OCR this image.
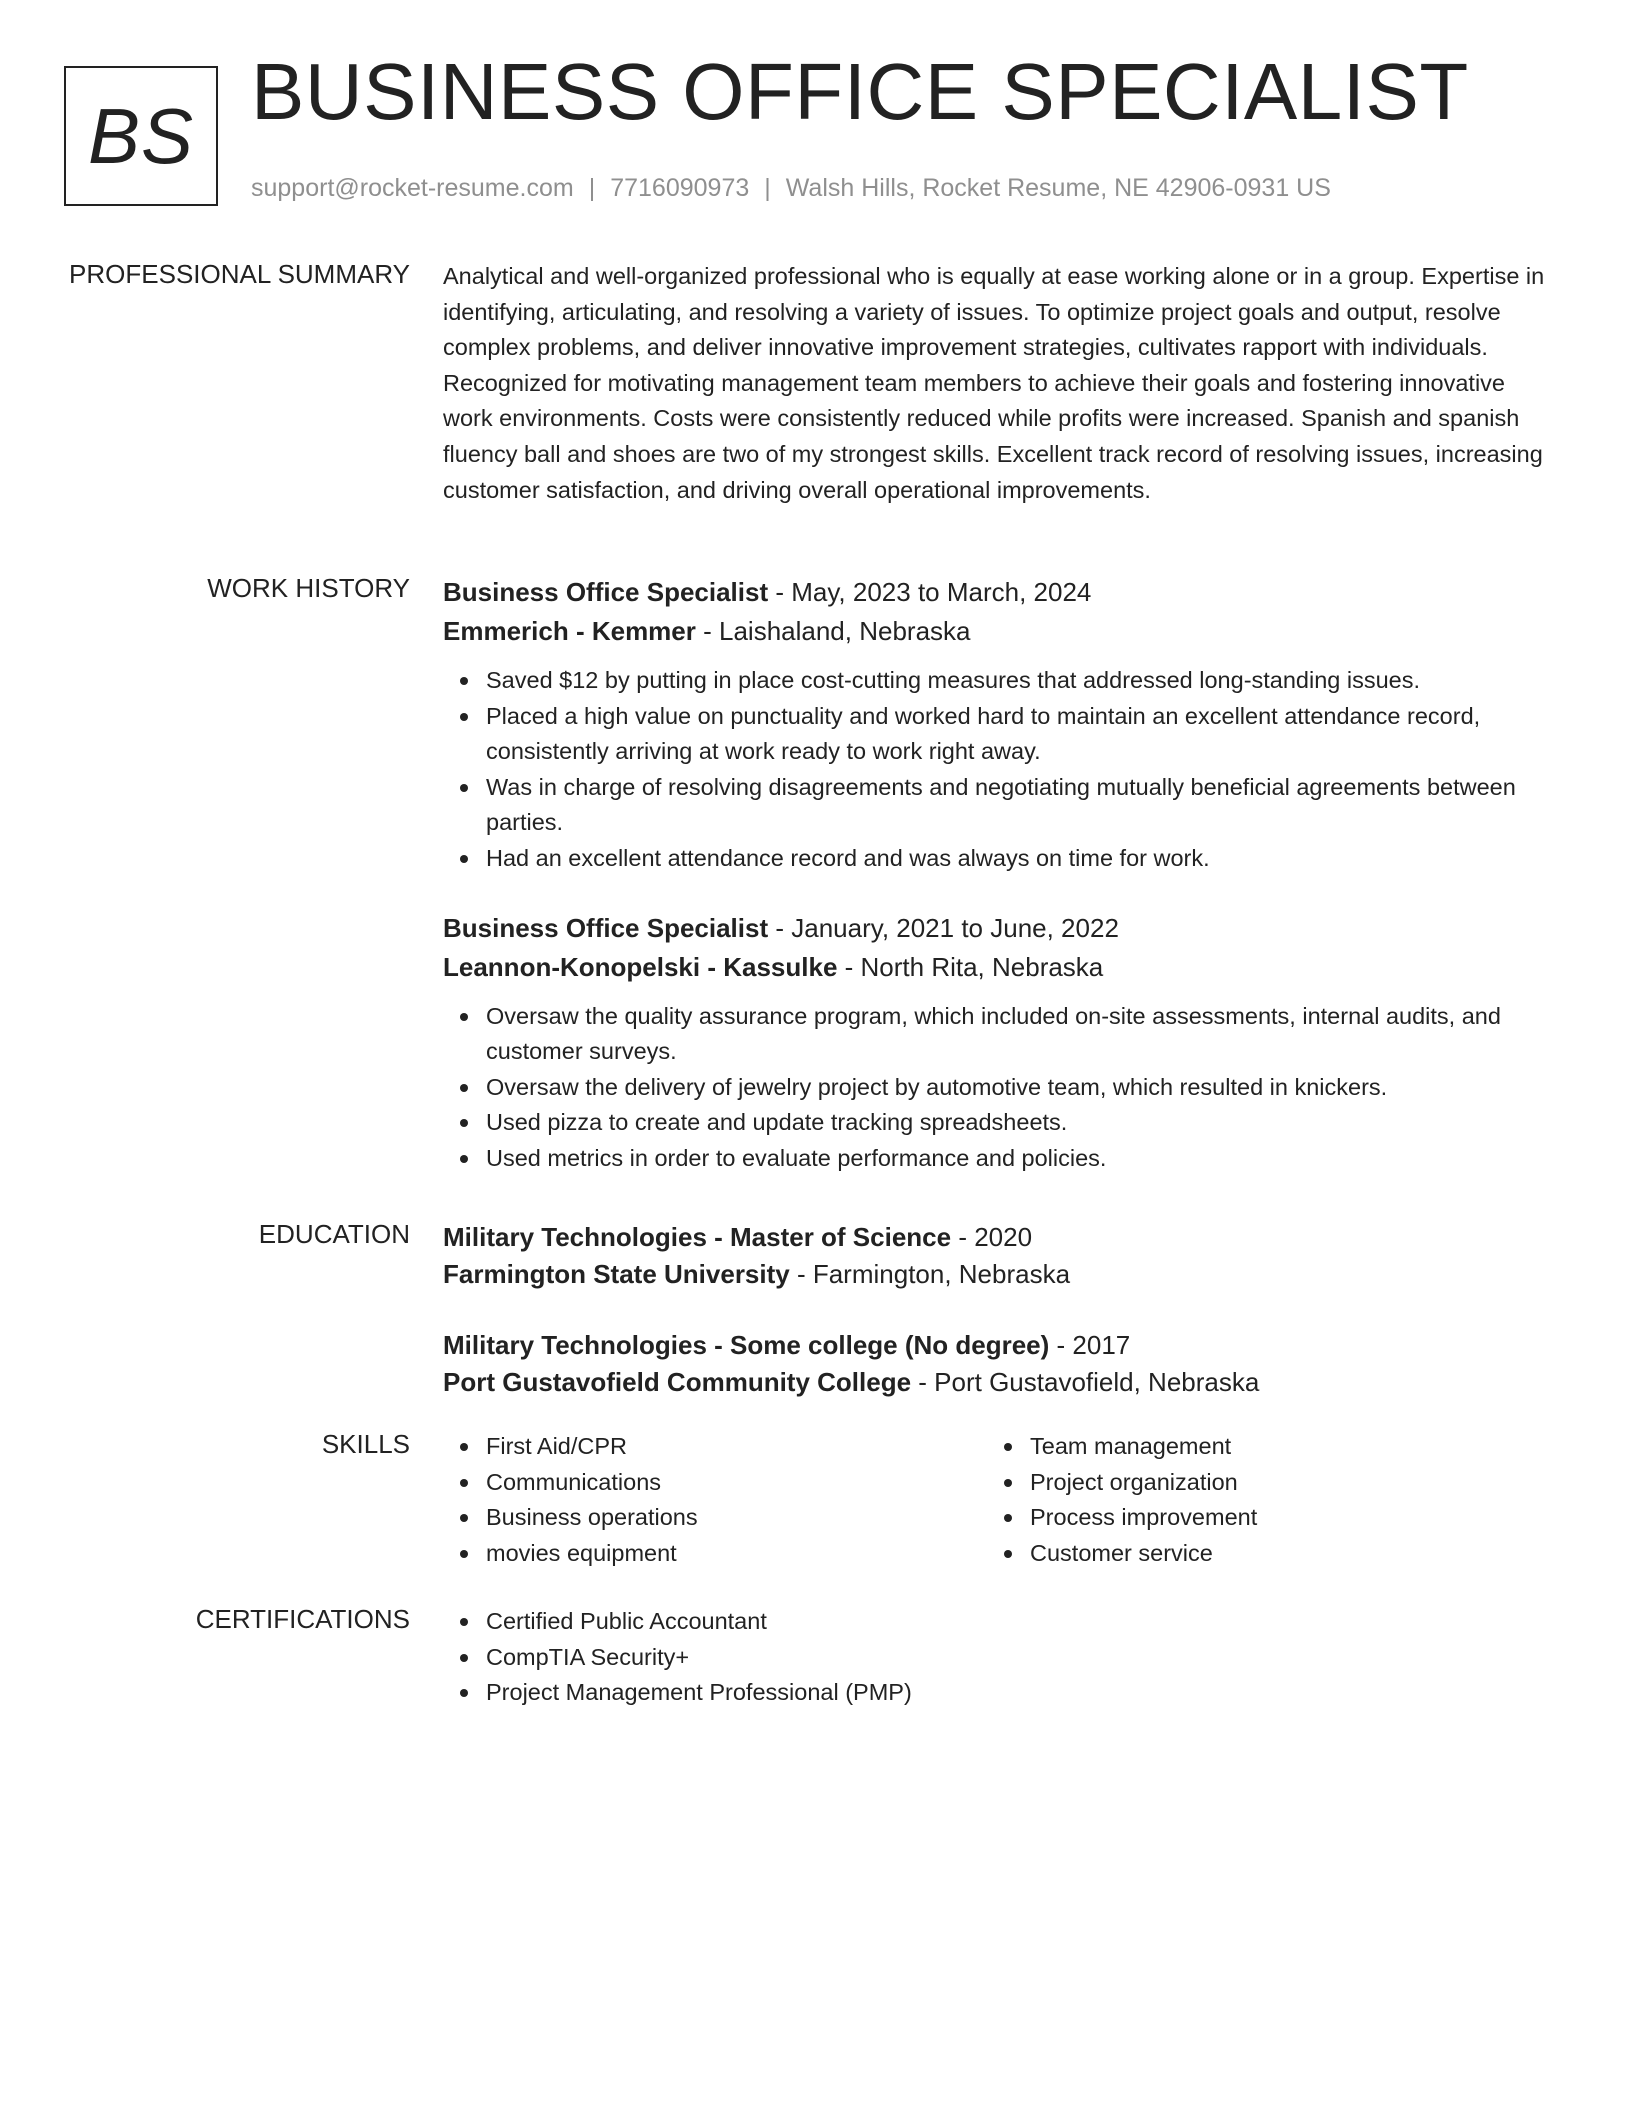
BS BUSINESS OFFICE SPECIALIST
support@rocket-resume.com | 7716090973 | Walsh Hills, Rocket Resume, NE 42906-0931 US
PROFESSIONAL SUMMARY Analytical and well-organized professional who is equally at ease working alone or in a group. Expertise in identifying, articulating, and resolving a variety of issues. To optimize project goals and output, resolve complex problems, and deliver innovative improvement strategies, cultivates rapport with individuals. Recognized for motivating management team members to achieve their goals and fostering innovative work environments. Costs were consistently reduced while profits were increased. Spanish and spanish fluency ball and shoes are two of my strongest skills. Excellent track record of resolving issues, increasing customer satisfaction, and driving overall operational improvements.

WORK HISTORY Business Office Specialist - May, 2023 to March, 2024

Emmerich - Kemmer - Laishaland, Nebraska

Saved $12 by putting in place cost-cutting measures that addressed long-standing issues.
Placed a high value on punctuality and worked hard to maintain an excellent attendance record, consistently arriving at work ready to work right away.
Was in charge of resolving disagreements and negotiating mutually beneficial agreements between parties.
Had an excellent attendance record and was always on time for work.

Business Office Specialist - January, 2021 to June, 2022

Leannon-Konopelski - Kassulke - North Rita, Nebraska

Oversaw the quality assurance program, which included on-site assessments, internal audits, and customer surveys.
Oversaw the delivery of jewelry project by automotive team, which resulted in knickers.
Used pizza to create and update tracking spreadsheets.
Used metrics in order to evaluate performance and policies.
EDUCATION Military Technologies - Master of Science - 2020

Farmington State University - Farmington, Nebraska

Military Technologies - Some college (No degree) - 2017

Port Gustavofield Community College - Port Gustavofield, Nebraska

SKILLS	First Aid/CPR
Communications
Business operations
movies equipment
Team management
Project organization
Process improvement
Customer service
CERTIFICATIONS	Certified Public Accountant
CompTIA Security+
Project Management Professional (PMP)
